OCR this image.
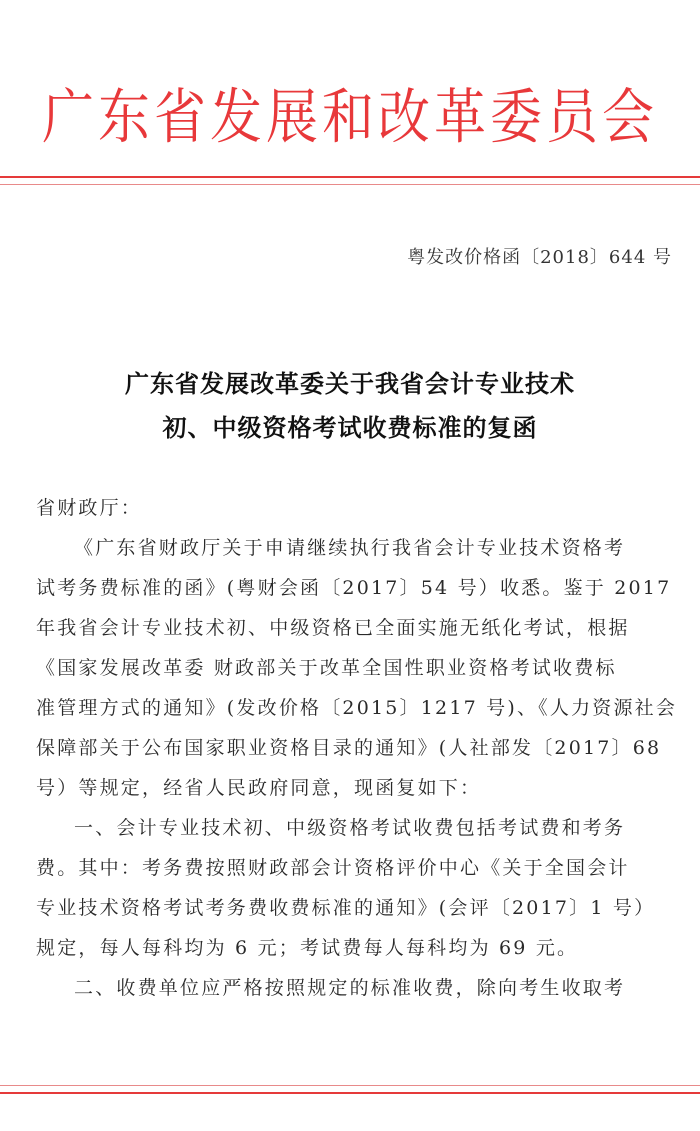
广东省发展和改革委员会
粤发改价格函〔2018〕644 号
广东省发展改革委关于我省会计专业技术
初、中级资格考试收费标准的复函

省财政厅：

《广东省财政厅关于申请继续执行我省会计专业技术资格考
试考务费标准的函》(粤财会函〔2017〕54 号）收悉。鉴于 2017
年我省会计专业技术初、中级资格已全面实施无纸化考试，根据
《国家发展改革委 财政部关于改革全国性职业资格考试收费标
准管理方式的通知》(发改价格〔2015〕1217 号)、《人力资源社会
保障部关于公布国家职业资格目录的通知》(人社部发〔2017〕68
号）等规定，经省人民政府同意，现函复如下：

一、会计专业技术初、中级资格考试收费包括考试费和考务
费。其中：考务费按照财政部会计资格评价中心《关于全国会计
专业技术资格考试考务费收费标准的通知》(会评〔2017〕1 号）
规定，每人每科均为 6 元；考试费每人每科均为 69 元。

二、收费单位应严格按照规定的标准收费，除向考生收取考
